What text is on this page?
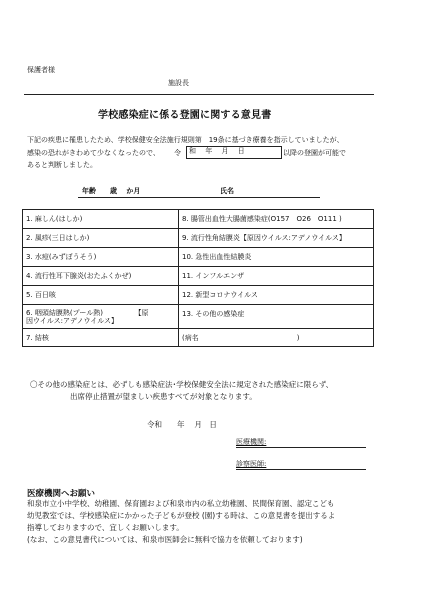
保護者様
施設長
学校感染症に係る登園に関する意見書
下記の疾患に罹患したため、学校保健安全法施行規則第　19条に基づき療養を指示していましたが、
感染の恐れがきわめて少なくなったので、 令	和　 年　 月　 日	以降の登園が可能で
あると判断しました。
年齢　　歳　 か月	氏名
1. 麻しん(はしか)	8. 腸管出血性大腸菌感染症(O157　O26　O111 )
2. 風疹(三日はしか)	9. 流行性角結膜炎【原因ウイルス:アデノウイルス】
3. 水痘(みずぼうそう)	10. 急性出血性結膜炎
4. 流行性耳下腺炎(おたふくかぜ)	11. インフルエンザ
5. 百日咳	12. 新型コロナウイルス

6. 咽頭結膜熱(プール熱)　　　　　【原
因ウイルス:アデノウイルス】	13. その他の感染症
7. 結核	(病名　　　　　　　　　　　　　　)
〇その他の感染症とは、必ずしも感染症法･学校保健安全法に規定された感染症に限らず、
出席停止措置が望ましい疾患すべてが対象となります。
令和　　年　 月　日
医療機関:
診察医師:
医療機関へお願い
和泉市立小中学校、幼稚園、保育園および和泉市内の私立幼稚園、民間保育園、認定こども
幼児教室では、学校感染症にかかった子どもが登校 (園)する時は、この意見書を提出するよ
指導しておりますので、宜しくお願いします。
(なお、この意見書代については、和泉市医師会に無料で協力を依頼しております)
